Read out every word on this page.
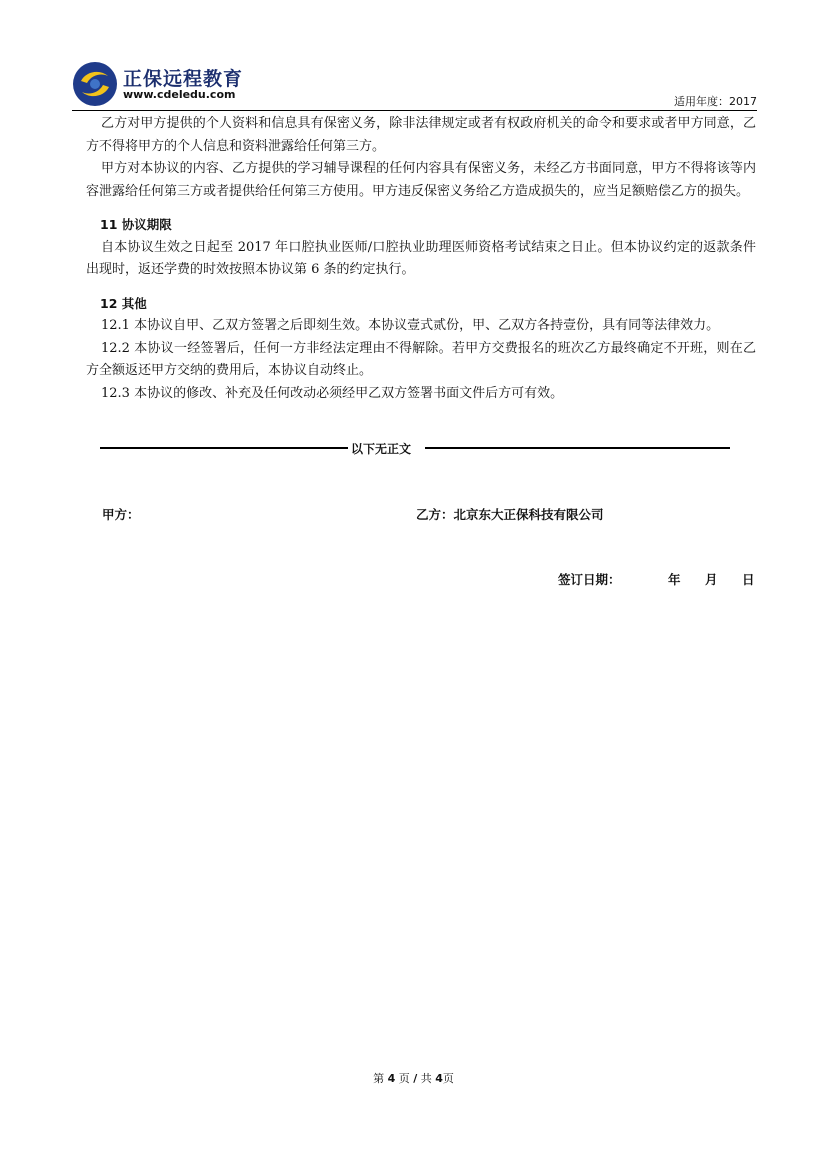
正保远程教育
www.cdeledu.com
适用年度：2017
乙方对甲方提供的个人资料和信息具有保密义务，除非法律规定或者有权政府机关的命令和要求或者甲方同意，乙方不得将甲方的个人信息和资料泄露给任何第三方。
甲方对本协议的内容、乙方提供的学习辅导课程的任何内容具有保密义务，未经乙方书面同意，甲方不得将该等内容泄露给任何第三方或者提供给任何第三方使用。甲方违反保密义务给乙方造成损失的，应当足额赔偿乙方的损失。
11 协议期限
自本协议生效之日起至 2017 年口腔执业医师/口腔执业助理医师资格考试结束之日止。但本协议约定的返款条件出现时，返还学费的时效按照本协议第 6 条的约定执行。
12 其他
12.1 本协议自甲、乙双方签署之后即刻生效。本协议壹式贰份，甲、乙双方各持壹份，具有同等法律效力。
12.2 本协议一经签署后，任何一方非经法定理由不得解除。若甲方交费报名的班次乙方最终确定不开班，则在乙方全额返还甲方交纳的费用后，本协议自动终止。
12.3 本协议的修改、补充及任何改动必须经甲乙双方签署书面文件后方可有效。
以下无正文
甲方：	乙方：北京东大正保科技有限公司
签订日期：	年 月 日
第 4 页 / 共 4页
